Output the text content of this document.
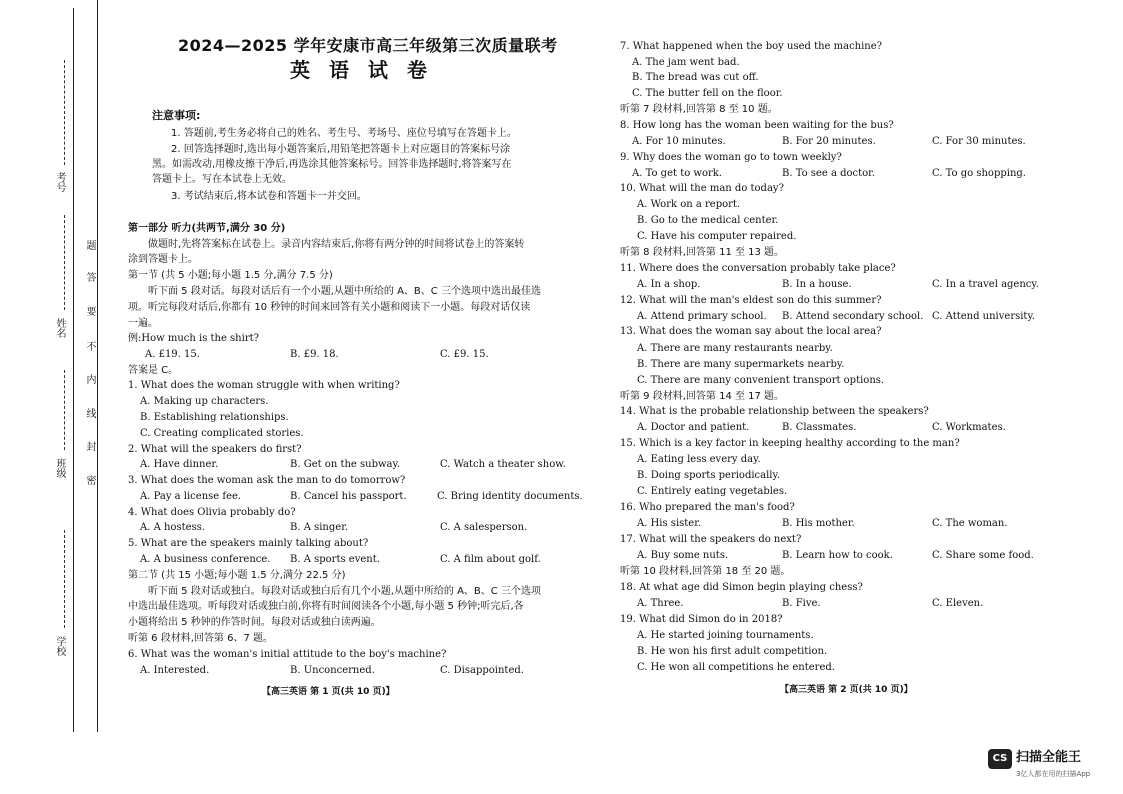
考号
姓名
班级
学校
题
答
要
不
内
线
封
密
2024—2025 学年安康市高三年级第三次质量联考
英 语 试 卷
注意事项:
1. 答题前,考生务必将自己的姓名、考生号、考场号、座位号填写在答题卡上。
2. 回答选择题时,选出每小题答案后,用铅笔把答题卡上对应题目的答案标号涂
黑。如需改动,用橡皮擦干净后,再选涂其他答案标号。回答非选择题时,将答案写在
答题卡上。写在本试卷上无效。
3. 考试结束后,将本试卷和答题卡一并交回。
第一部分 听力(共两节,满分 30 分)
做题时,先将答案标在试卷上。录音内容结束后,你将有两分钟的时间将试卷上的答案转
涂到答题卡上。
第一节 (共 5 小题;每小题 1.5 分,满分 7.5 分)
听下面 5 段对话。每段对话后有一个小题,从题中所给的 A、B、C 三个选项中选出最佳选
项。听完每段对话后,你都有 10 秒钟的时间来回答有关小题和阅读下一小题。每段对话仅读
一遍。
例:How much is the shirt?
A. £19. 15.	B. £9. 18.	C. £9. 15.
答案是 C。
1. What does the woman struggle with when writing?
A. Making up characters.
B. Establishing relationships.
C. Creating complicated stories.
2. What will the speakers do first?
A. Have dinner.	B. Get on the subway.	C. Watch a theater show.
3. What does the woman ask the man to do tomorrow?
A. Pay a license fee.	B. Cancel his passport.	C. Bring identity documents.
4. What does Olivia probably do?
A. A hostess.	B. A singer.	C. A salesperson.
5. What are the speakers mainly talking about?
A. A business conference. B. A sports event.	C. A film about golf.
第二节 (共 15 小题;每小题 1.5 分,满分 22.5 分)
听下面 5 段对话或独白。每段对话或独白后有几个小题,从题中所给的 A、B、C 三个选项
中选出最佳选项。听每段对话或独白前,你将有时间阅读各个小题,每小题 5 秒钟;听完后,各
小题将给出 5 秒钟的作答时间。每段对话或独白读两遍。
听第 6 段材料,回答第 6、7 题。
6. What was the woman's initial attitude to the boy's machine?
A. Interested.	B. Unconcerned.	C. Disappointed.
【高三英语 第 1 页(共 10 页)】
7. What happened when the boy used the machine?
A. The jam went bad.
B. The bread was cut off.
C. The butter fell on the floor.
听第 7 段材料,回答第 8 至 10 题。
8. How long has the woman been waiting for the bus?
A. For 10 minutes.	B. For 20 minutes.	C. For 30 minutes.
9. Why does the woman go to town weekly?
A. To get to work.	B. To see a doctor.	C. To go shopping.
10. What will the man do today?
A. Work on a report.
B. Go to the medical center.
C. Have his computer repaired.
听第 8 段材料,回答第 11 至 13 题。
11. Where does the conversation probably take place?
A. In a shop.	B. In a house.	C. In a travel agency.
12. What will the man's eldest son do this summer?
A. Attend primary school. B. Attend secondary school. C. Attend university.
13. What does the woman say about the local area?
A. There are many restaurants nearby.
B. There are many supermarkets nearby.
C. There are many convenient transport options.
听第 9 段材料,回答第 14 至 17 题。
14. What is the probable relationship between the speakers?
A. Doctor and patient.	B. Classmates.	C. Workmates.
15. Which is a key factor in keeping healthy according to the man?
A. Eating less every day.
B. Doing sports periodically.
C. Entirely eating vegetables.
16. Who prepared the man's food?
A. His sister.	B. His mother.	C. The woman.
17. What will the speakers do next?
A. Buy some nuts.	B. Learn how to cook.	C. Share some food.
听第 10 段材料,回答第 18 至 20 题。
18. At what age did Simon begin playing chess?
A. Three.	B. Five.	C. Eleven.
19. What did Simon do in 2018?
A. He started joining tournaments.
B. He won his first adult competition.
C. He won all competitions he entered.
【高三英语 第 2 页(共 10 页)】
CS 扫描全能王
3亿人都在用的扫描App
